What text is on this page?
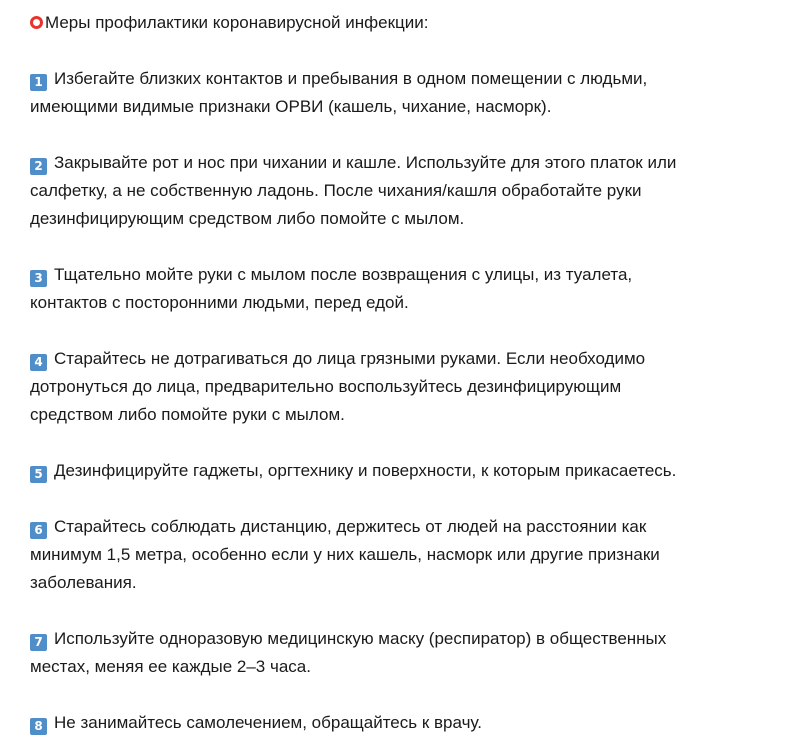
Меры профилактики коронавирусной инфекции:
1 Избегайте близких контактов и пребывания в одном помещении с людьми,
имеющими видимые признаки ОРВИ (кашель, чихание, насморк).
2 Закрывайте рот и нос при чихании и кашле. Используйте для этого платок или
салфетку, а не собственную ладонь. После чихания/кашля обработайте руки
дезинфицирующим средством либо помойте с мылом.
3 Тщательно мойте руки с мылом после возвращения с улицы, из туалета,
контактов с посторонними людьми, перед едой.
4 Старайтесь не дотрагиваться до лица грязными руками. Если необходимо
дотронуться до лица, предварительно воспользуйтесь дезинфицирующим
средством либо помойте руки с мылом.
5 Дезинфицируйте гаджеты, оргтехнику и поверхности, к которым прикасаетесь.
6 Старайтесь соблюдать дистанцию, держитесь от людей на расстоянии как
минимум 1,5 метра, особенно если у них кашель, насморк или другие признаки
заболевания.
7 Используйте одноразовую медицинскую маску (респиратор) в общественных
местах, меняя ее каждые 2–3 часа.
8 Не занимайтесь самолечением, обращайтесь к врачу.
